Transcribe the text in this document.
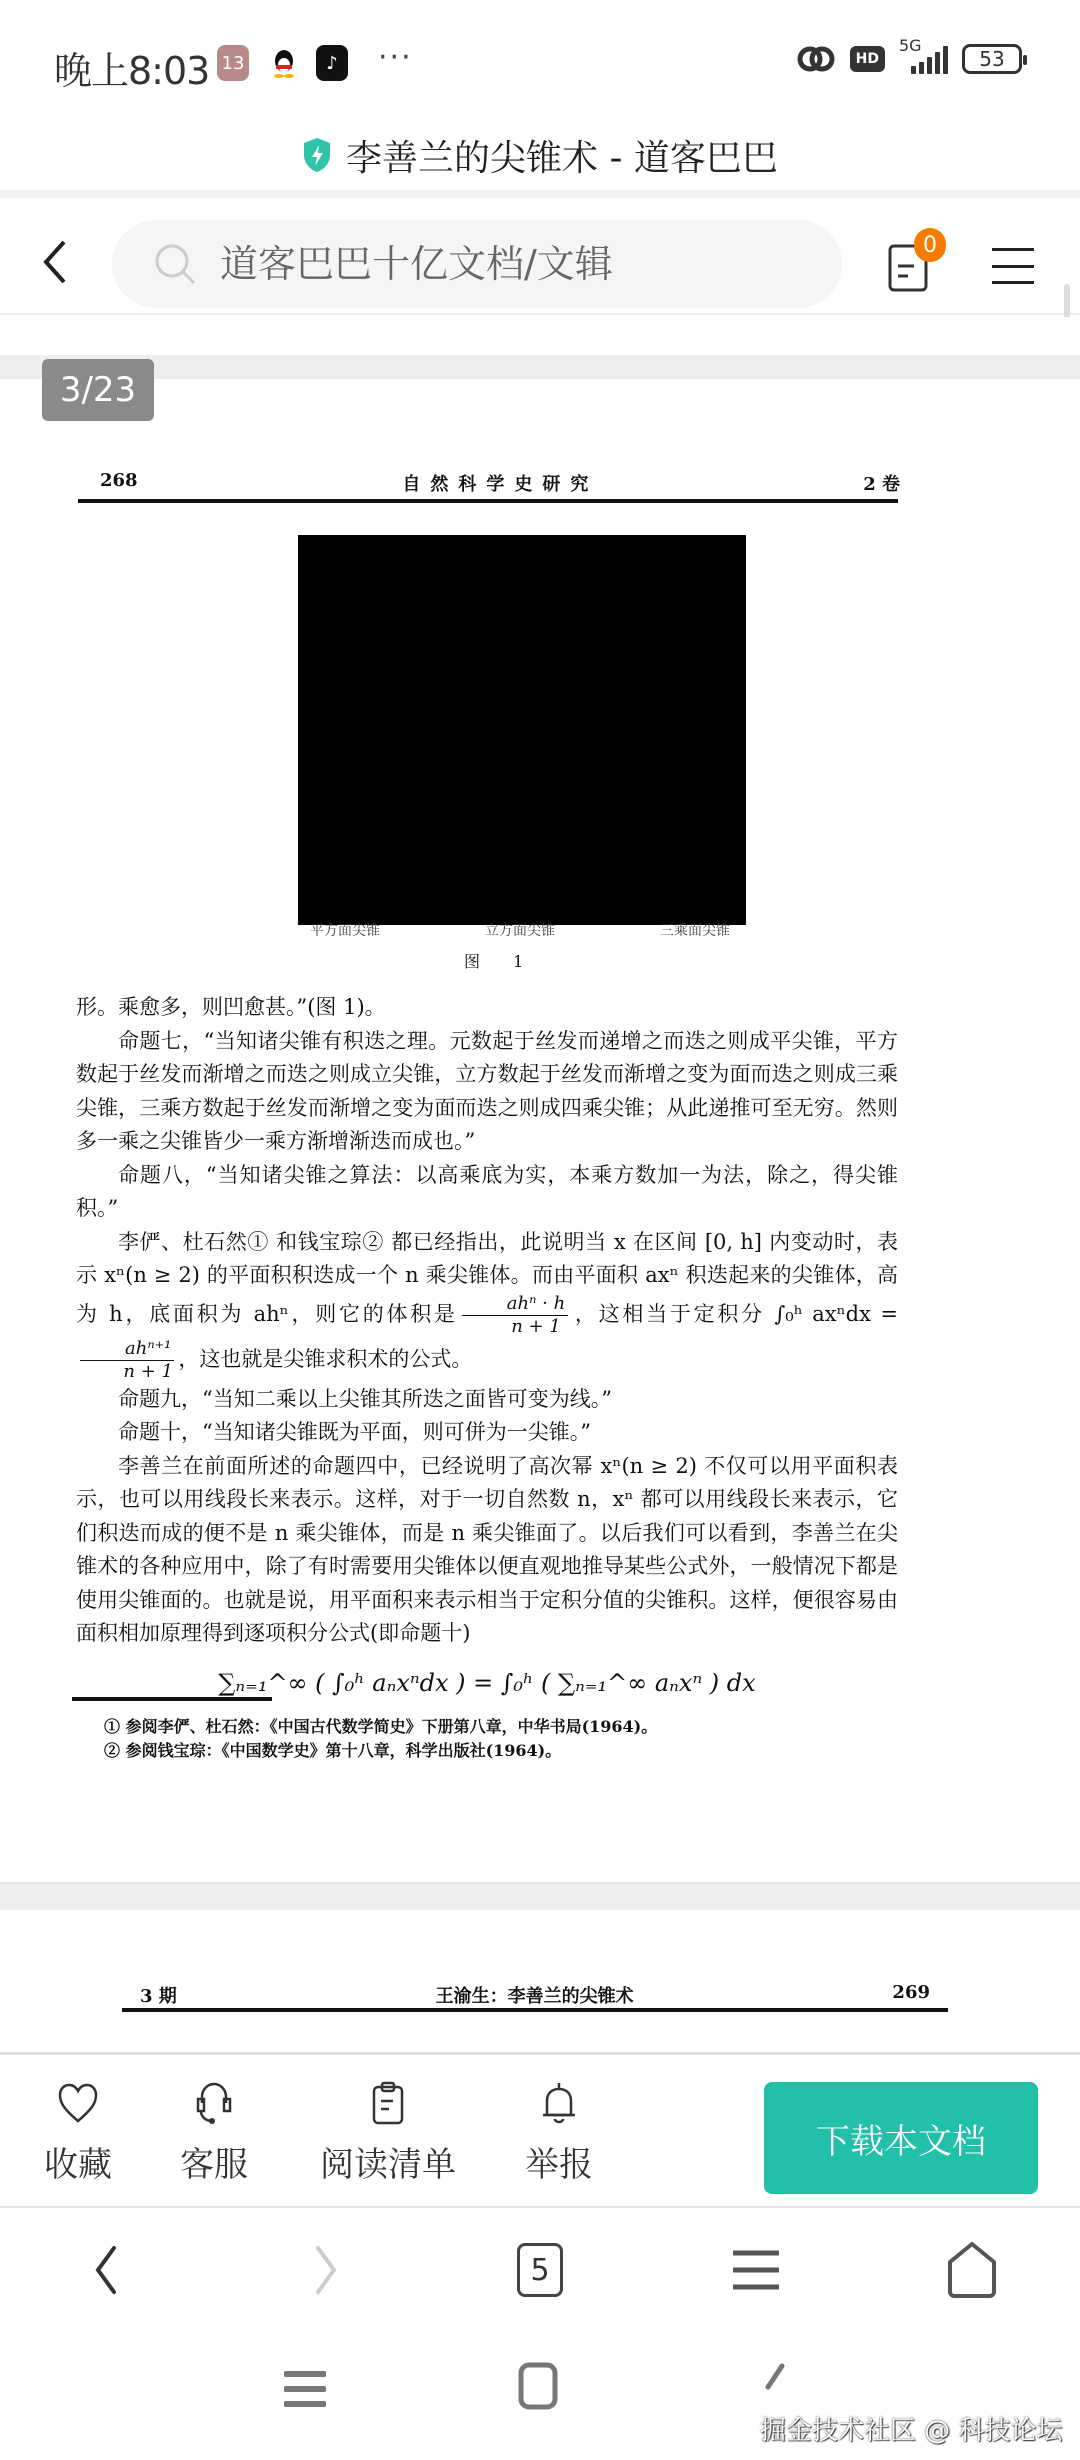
晚上8:03 13	♪	···	HD
5G
53
李善兰的尖锥术 - 道客巴巴
道客巴巴十亿文档/文辑
0
3/23
268	自然科学史研究	2 卷
平方面尖锥	立方面尖锥	三乘面尖锥
图 1

形。乘愈多，则凹愈甚。”(图 1)。

命题七，“当知诸尖锥有积迭之理。元数起于丝发而递增之而迭之则成平尖锥，平方数起于丝发而渐增之而迭之则成立尖锥，立方数起于丝发而渐增之变为面而迭之则成三乘尖锥，三乘方数起于丝发而渐增之变为面而迭之则成四乘尖锥；从此递推可至无穷。然则多一乘之尖锥皆少一乘方渐增渐迭而成也。”

命题八，“当知诸尖锥之算法：以高乘底为实，本乘方数加一为法，除之，得尖锥积。”

李俨、杜石然① 和钱宝琮② 都已经指出，此说明当 x 在区间 [0, h] 内变动时，表示 xⁿ(n ≥ 2) 的平面积积迭成一个 n 乘尖锥体。而由平面积 axⁿ 积迭起来的尖锥体，高为 h，底面积为 ahⁿ，则它的体积是 $\frac{\text{ahⁿ · h}}{n + 1}$ ，这相当于定积分 ∫₀ʰ axⁿdx =
$\frac{\text{ahⁿ⁺¹}}{n + 1}$ ，这也就是尖锥求积术的公式。

命题九，“当知二乘以上尖锥其所迭之面皆可变为线。”

命题十，“当知诸尖锥既为平面，则可併为一尖锥。”

李善兰在前面所述的命题四中，已经说明了高次幂 xⁿ(n ≥ 2) 不仅可以用平面积表示，也可以用线段长来表示。这样，对于一切自然数 n，xⁿ 都可以用线段长来表示，它们积迭而成的便不是 n 乘尖锥体，而是 n 乘尖锥面了。以后我们可以看到，李善兰在尖锥术的各种应用中，除了有时需要用尖锥体以便直观地推导某些公式外，一般情况下都是使用尖锥面的。也就是说，用平面积来表示相当于定积分值的尖锥积。这样，便很容易由面积相加原理得到逐项积分公式(即命题十)

∑ₙ₌₁^∞ ( ∫₀ʰ aₙxⁿdx ) = ∫₀ʰ ( ∑ₙ₌₁^∞ aₙxⁿ ) dx
① 参阅李俨、杜石然：《中国古代数学简史》下册第八章，中华书局(1964)。
② 参阅钱宝琮：《中国数学史》第十八章，科学出版社(1964)。
3 期	王渝生：李善兰的尖锥术	269
收藏 客服 阅读清单 举报
下载本文档
5
掘金技术社区 @ 科技论坛
